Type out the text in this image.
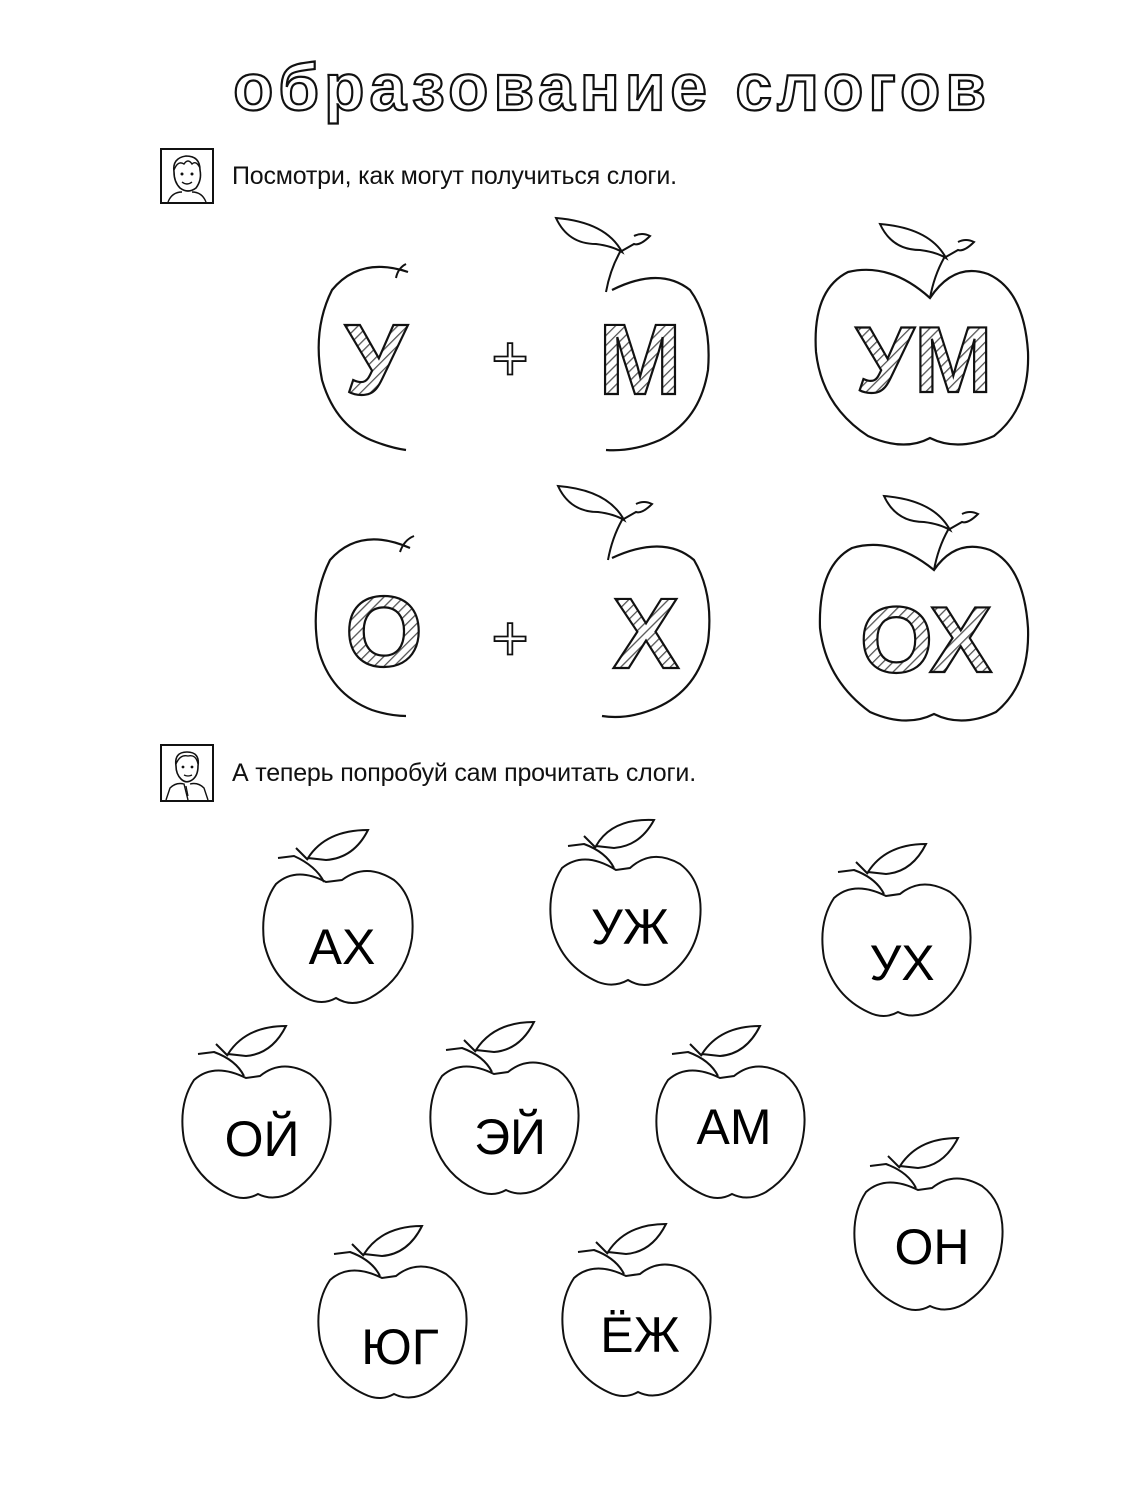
образование слогов
Посмотри, как могут получиться слоги.
А теперь попробуй сам прочитать слоги.
У + М УМ
О + Х ОХ
АХ	УЖ
УХ
ОЙ	ЭЙ	АМ
ОН
ЮГ	ЁЖ
